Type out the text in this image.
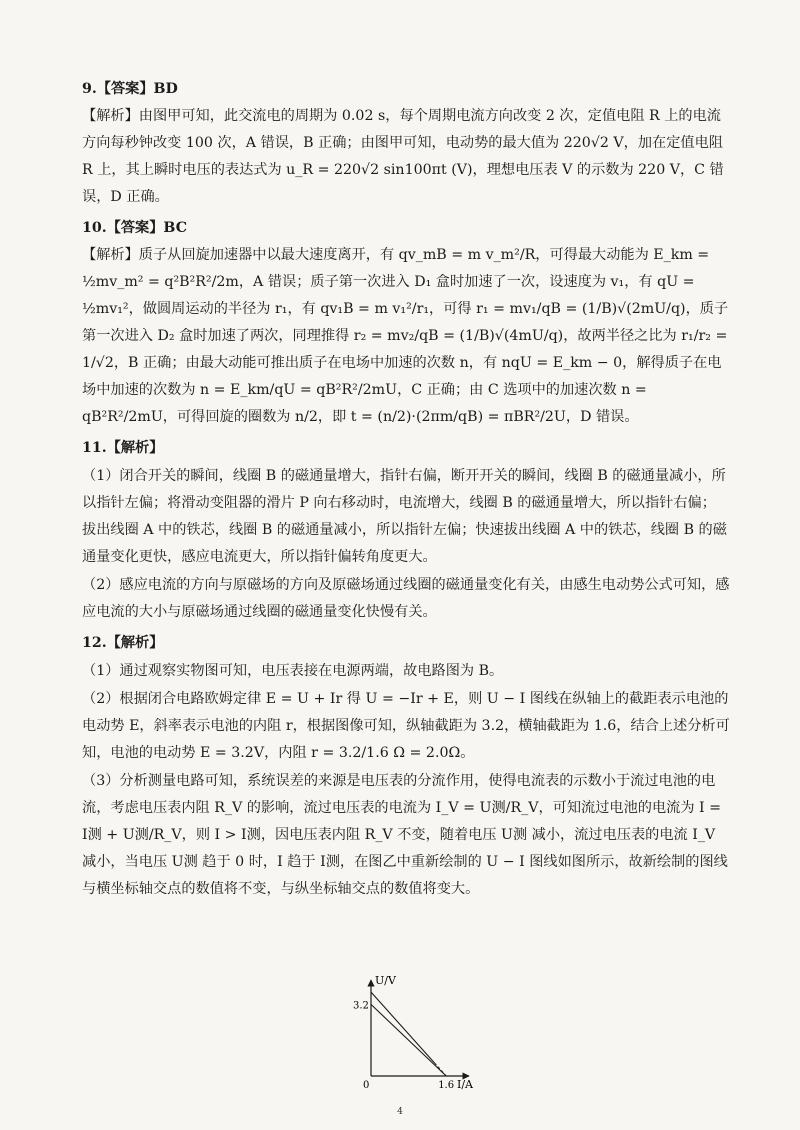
9.【答案】BD

【解析】由图甲可知，此交流电的周期为 0.02 s，每个周期电流方向改变 2 次，定值电阻 R 上的电流方向每秒钟改变 100 次，A 错误，B 正确；由图甲可知，电动势的最大值为 220√2 V，加在定值电阻 R 上，其上瞬时电压的表达式为 u_R = 220√2 sin100πt (V)，理想电压表 V 的示数为 220 V，C 错误，D 正确。

10.【答案】BC

【解析】质子从回旋加速器中以最大速度离开，有 qv_mB = m v_m²/R，可得最大动能为 E_km = ½mv_m² = q²B²R²/2m，A 错误；质子第一次进入 D₁ 盒时加速了一次，设速度为 v₁，有 qU = ½mv₁²，做圆周运动的半径为 r₁，有 qv₁B = m v₁²/r₁，可得 r₁ = mv₁/qB = (1/B)√(2mU/q)，质子第一次进入 D₂ 盒时加速了两次，同理推得 r₂ = mv₂/qB = (1/B)√(4mU/q)，故两半径之比为 r₁/r₂ = 1/√2，B 正确；由最大动能可推出质子在电场中加速的次数 n，有 nqU = E_km − 0，解得质子在电场中加速的次数为 n = E_km/qU = qB²R²/2mU，C 正确；由 C 选项中的加速次数 n = qB²R²/2mU，可得回旋的圈数为 n/2，即 t = (n/2)·(2πm/qB) = πBR²/2U，D 错误。

11.【解析】

（1）闭合开关的瞬间，线圈 B 的磁通量增大，指针右偏，断开开关的瞬间，线圈 B 的磁通量减小，所以指针左偏；将滑动变阻器的滑片 P 向右移动时，电流增大，线圈 B 的磁通量增大，所以指针右偏；拔出线圈 A 中的铁芯，线圈 B 的磁通量减小，所以指针左偏；快速拔出线圈 A 中的铁芯，线圈 B 的磁通量变化更快，感应电流更大，所以指针偏转角度更大。

（2）感应电流的方向与原磁场的方向及原磁场通过线圈的磁通量变化有关，由感生电动势公式可知，感应电流的大小与原磁场通过线圈的磁通量变化快慢有关。

12.【解析】

（1）通过观察实物图可知，电压表接在电源两端，故电路图为 B。

（2）根据闭合电路欧姆定律 E = U + Ir 得 U = −Ir + E，则 U − I 图线在纵轴上的截距表示电池的电动势 E，斜率表示电池的内阻 r，根据图像可知，纵轴截距为 3.2，横轴截距为 1.6，结合上述分析可知，电池的电动势 E = 3.2V，内阻 r = 3.2/1.6 Ω = 2.0Ω。

（3）分析测量电路可知，系统误差的来源是电压表的分流作用，使得电流表的示数小于流过电池的电流，考虑电压表内阻 R_V 的影响，流过电压表的电流为 I_V = U测/R_V，可知流过电池的电流为 I = I测 + U测/R_V，则 I > I测，因电压表内阻 R_V 不变，随着电压 U测 减小，流过电压表的电流 I_V 减小，当电压 U测 趋于 0 时，I 趋于 I测，在图乙中重新绘制的 U − I 图线如图所示，故新绘制的图线与横坐标轴交点的数值将不变，与纵坐标轴交点的数值将变大。

U/V
I/A
0
3.2
1.6
4
